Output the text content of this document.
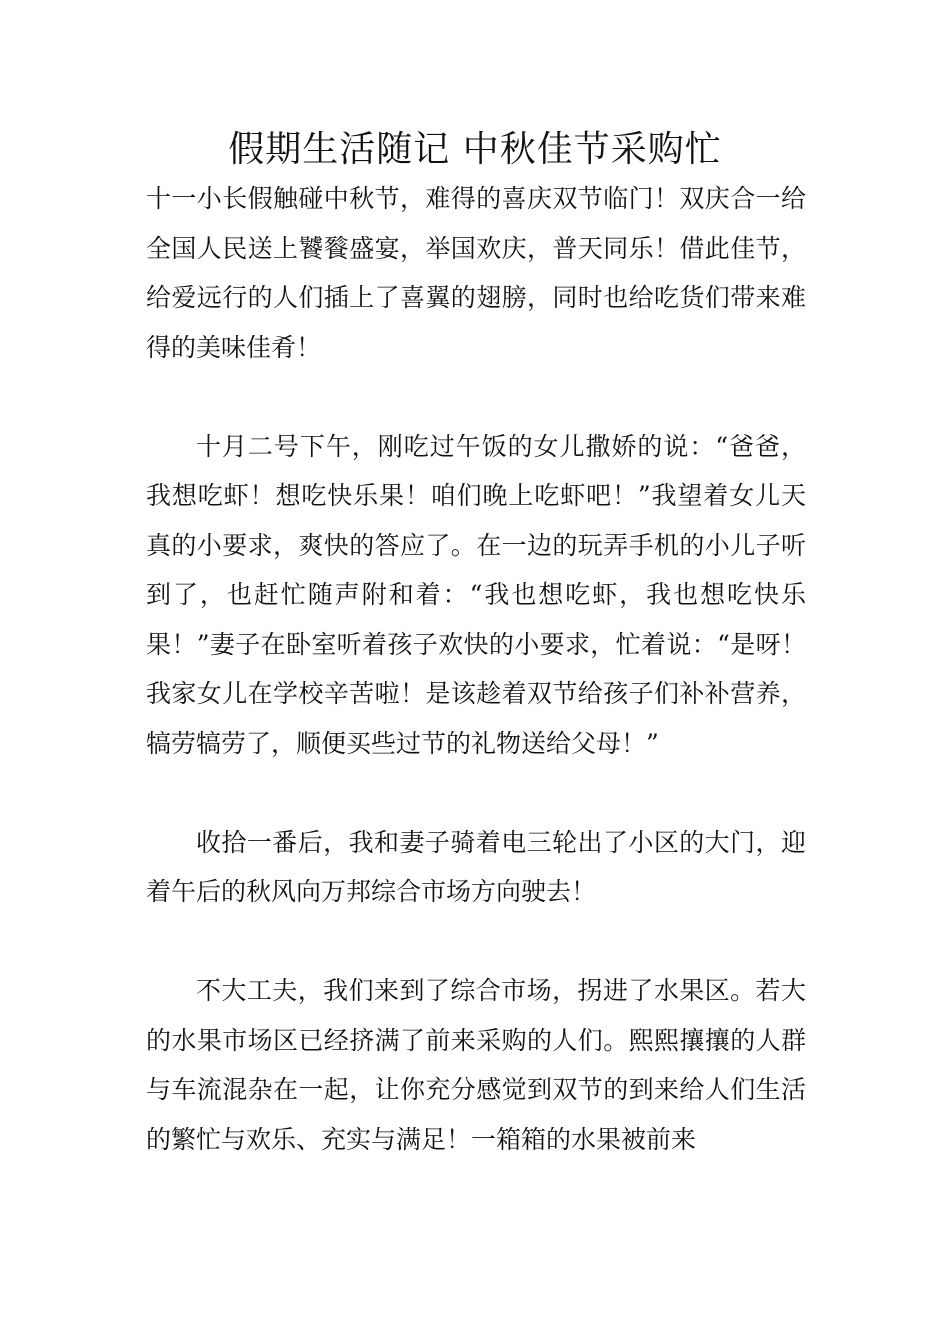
假期生活随记 中秋佳节采购忙

十一小长假触碰中秋节，难得的喜庆双节临门！双庆合一给全国人民送上饕餮盛宴，举国欢庆，普天同乐！借此佳节，给爱远行的人们插上了喜翼的翅膀，同时也给吃货们带来难得的美味佳肴！

十月二号下午，刚吃过午饭的女儿撒娇的说：“爸爸，我想吃虾！想吃快乐果！咱们晚上吃虾吧！”我望着女儿天真的小要求，爽快的答应了。在一边的玩弄手机的小儿子听到了，也赶忙随声附和着：“我也想吃虾，我也想吃快乐果！”妻子在卧室听着孩子欢快的小要求，忙着说：“是呀！我家女儿在学校辛苦啦！是该趁着双节给孩子们补补营养，犒劳犒劳了，顺便买些过节的礼物送给父母！”

收拾一番后，我和妻子骑着电三轮出了小区的大门，迎着午后的秋风向万邦综合市场方向驶去！

不大工夫，我们来到了综合市场，拐进了水果区。若大的水果市场区已经挤满了前来采购的人们。熙熙攘攘的人群与车流混杂在一起，让你充分感觉到双节的到来给人们生活的繁忙与欢乐、充实与满足！一箱箱的水果被前来
